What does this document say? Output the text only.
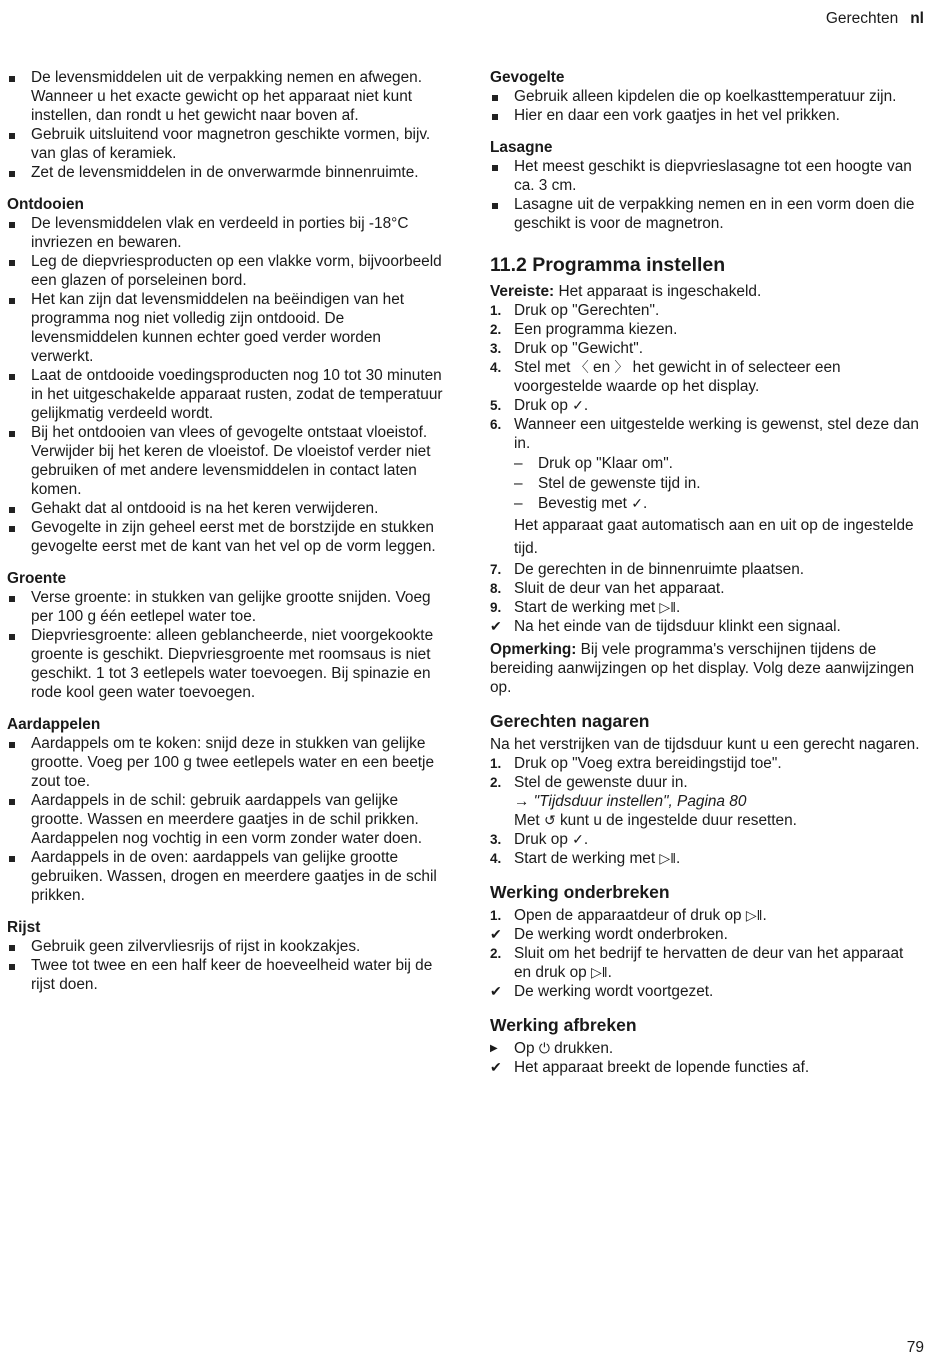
Gerechten nl
De levensmiddelen uit de verpakking nemen en afwegen. Wanneer u het exacte gewicht op het apparaat niet kunt instellen, dan rondt u het gewicht naar boven af.
Gebruik uitsluitend voor magnetron geschikte vormen, bijv. van glas of keramiek.
Zet de levensmiddelen in de onverwarmde binnenruimte.

Ontdooien

De levensmiddelen vlak en verdeeld in porties bij -18°C invriezen en bewaren.
Leg de diepvriesproducten op een vlakke vorm, bijvoorbeeld een glazen of porseleinen bord.
Het kan zijn dat levensmiddelen na beëindigen van het programma nog niet volledig zijn ontdooid. De levensmiddelen kunnen echter goed verder worden verwerkt.
Laat de ontdooide voedingsproducten nog 10 tot 30 minuten in het uitgeschakelde apparaat rusten, zodat de temperatuur gelijkmatig verdeeld wordt.
Bij het ontdooien van vlees of gevogelte ontstaat vloeistof. Verwijder bij het keren de vloeistof. De vloeistof verder niet gebruiken of met andere levensmiddelen in contact laten komen.
Gehakt dat al ontdooid is na het keren verwijderen.
Gevogelte in zijn geheel eerst met de borstzijde en stukken gevogelte eerst met de kant van het vel op de vorm leggen.

Groente

Verse groente: in stukken van gelijke grootte snijden. Voeg per 100 g één eetlepel water toe.
Diepvriesgroente: alleen geblancheerde, niet voorgekookte groente is geschikt. Diepvriesgroente met roomsaus is niet geschikt. 1 tot 3 eetlepels water toevoegen. Bij spinazie en rode kool geen water toevoegen.

Aardappelen

Aardappels om te koken: snijd deze in stukken van gelijke grootte. Voeg per 100 g twee eetlepels water en een beetje zout toe.
Aardappels in de schil: gebruik aardappels van gelijke grootte. Wassen en meerdere gaatjes in de schil prikken. Aardappelen nog vochtig in een vorm zonder water doen.
Aardappels in de oven: aardappels van gelijke grootte gebruiken. Wassen, drogen en meerdere gaatjes in de schil prikken.

Rijst

Gebruik geen zilvervliesrijs of rijst in kookzakjes.
Twee tot twee en een half keer de hoeveelheid water bij de rijst doen.

Gevogelte

Gebruik alleen kipdelen die op koelkasttemperatuur zijn.
Hier en daar een vork gaatjes in het vel prikken.

Lasagne

Het meest geschikt is diepvrieslasagne tot een hoogte van ca. 3 cm.
Lasagne uit de verpakking nemen en in een vorm doen die geschikt is voor de magnetron.

11.2 Programma instellen

Vereiste: Het apparaat is ingeschakeld.
1. Druk op "Gerechten".
2. Een programma kiezen.
3. Druk op "Gewicht".
4. Stel met 〈 en 〉 het gewicht in of selecteer een voorgestelde waarde op het display.
5. Druk op ✓.
6. Wanneer een uitgestelde werking is gewenst, stel deze dan in.
–	Druk op "Klaar om".
–	Stel de gewenste tijd in.
–	Bevestig met ✓.
Het apparaat gaat automatisch aan en uit op de ingestelde tijd.
7. De gerechten in de binnenruimte plaatsen.
8. Sluit de deur van het apparaat.
9. Start de werking met ▷‖.
✔ Na het einde van de tijdsduur klinkt een signaal.
Opmerking: Bij vele programma's verschijnen tijdens de bereiding aanwijzingen op het display. Volg deze aanwijzingen op.

Gerechten nagaren

Na het verstrijken van de tijdsduur kunt u een gerecht nagaren.
1. Druk op "Voeg extra bereidingstijd toe".
2. Stel de gewenste duur in.
→ "Tijdsduur instellen", Pagina 80
Met ↺ kunt u de ingestelde duur resetten.
3. Druk op ✓.
4. Start de werking met ▷‖.

Werking onderbreken

1. Open de apparaatdeur of druk op ▷‖.
✔ De werking wordt onderbroken.
2. Sluit om het bedrijf te hervatten de deur van het apparaat en druk op ▷‖.
✔ De werking wordt voortgezet.

Werking afbreken

▶	Op ⏻ drukken.
✔ Het apparaat breekt de lopende functies af.
79
